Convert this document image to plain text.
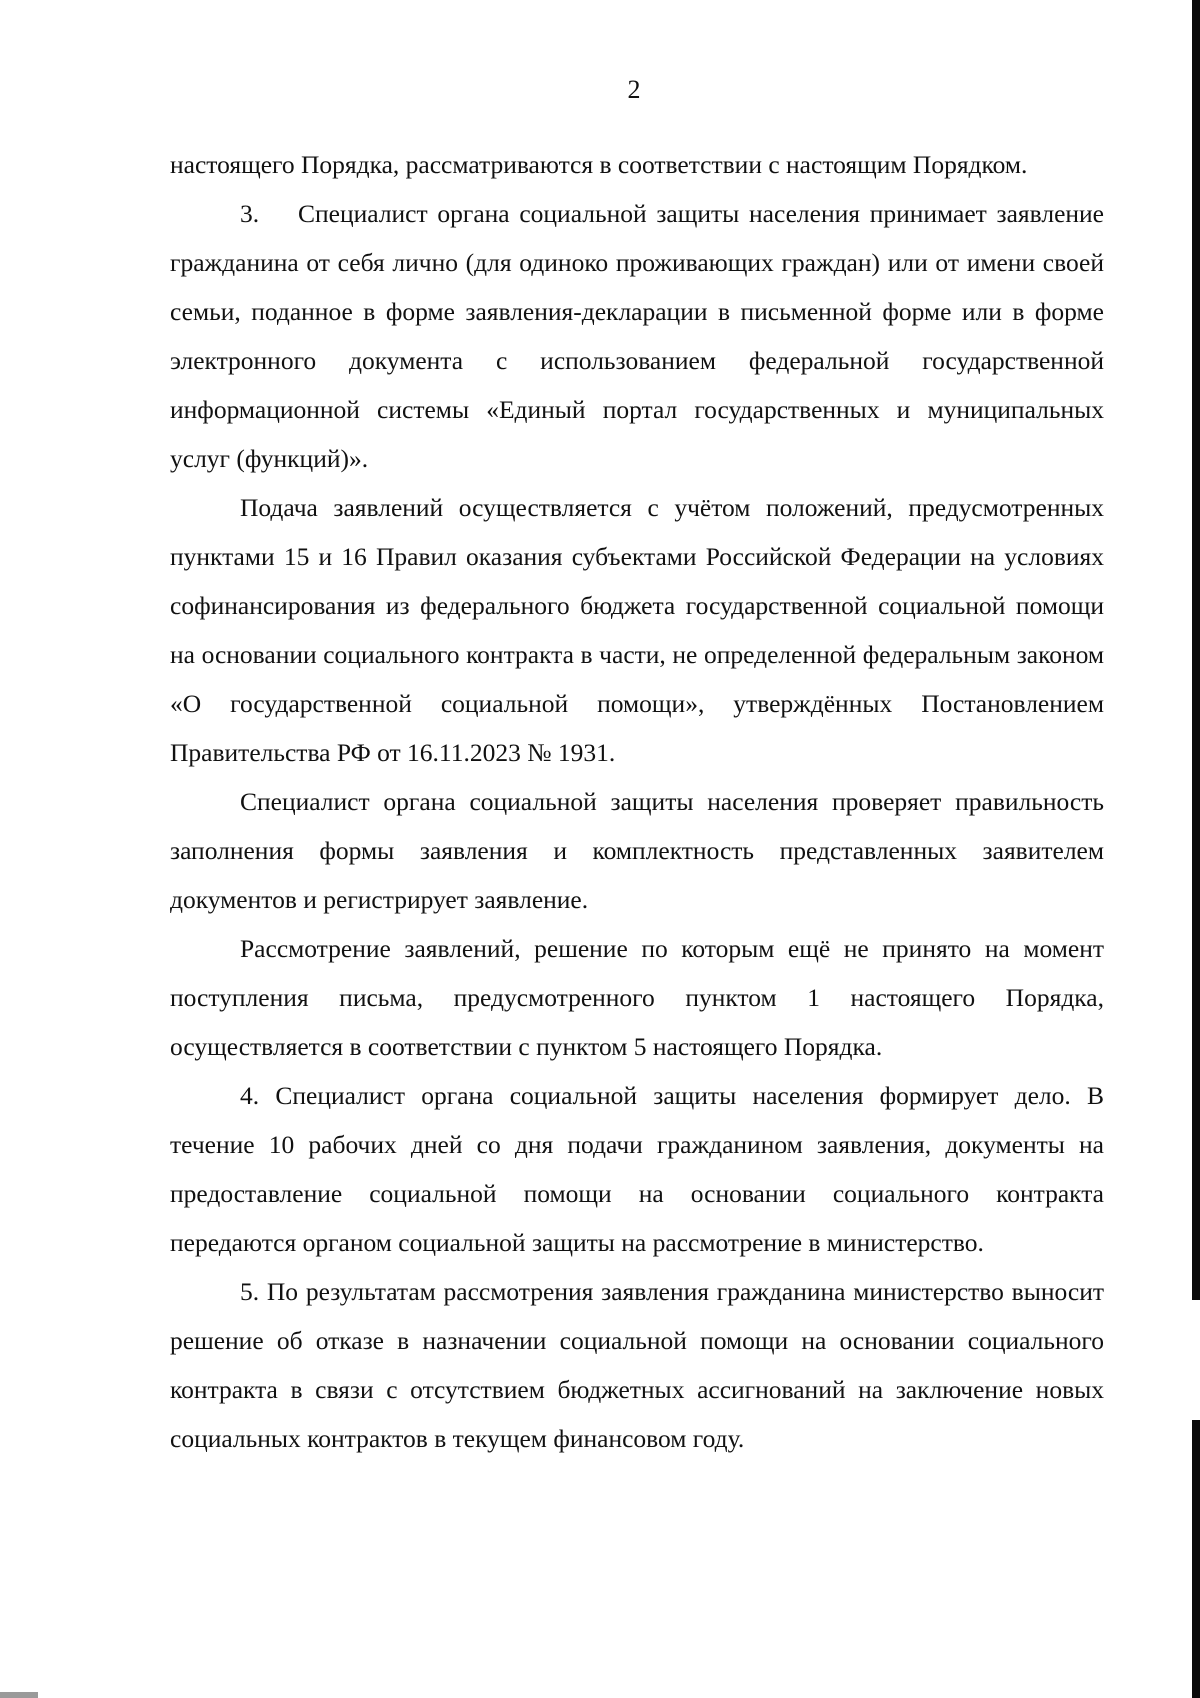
2

настоящего Порядка, рассматриваются в соответствии с настоящим Порядком.

3.    Специалист органа социальной защиты населения принимает заявление гражданина от себя лично (для одиноко проживающих граждан) или от имени своей семьи, поданное в форме заявления-декларации в письменной форме или в форме электронного документа с использованием федеральной государственной информационной системы «Единый портал государственных и муниципальных услуг (функций)».

Подача заявлений осуществляется с учётом положений, предусмотренных пунктами 15 и 16 Правил оказания субъектами Российской Федерации на условиях софинансирования из федерального бюджета государственной социальной помощи на основании социального контракта в части, не определенной федеральным законом «О государственной социальной помощи», утверждённых Постановлением Правительства РФ от 16.11.2023 № 1931.

Специалист органа социальной защиты населения проверяет правильность заполнения формы заявления и комплектность представленных заявителем документов и регистрирует заявление.

Рассмотрение заявлений, решение по которым ещё не принято на момент поступления письма, предусмотренного пунктом 1 настоящего Порядка, осуществляется в соответствии с пунктом 5 настоящего Порядка.

4. Специалист органа социальной защиты населения формирует дело. В течение 10 рабочих дней со дня подачи гражданином заявления, документы на предоставление социальной помощи на основании социального контракта передаются органом социальной защиты на рассмотрение в министерство.

5. По результатам рассмотрения заявления гражданина министерство выносит решение об отказе в назначении социальной помощи на основании социального контракта в связи с отсутствием бюджетных ассигнований на заключение новых социальных контрактов в текущем финансовом году.
